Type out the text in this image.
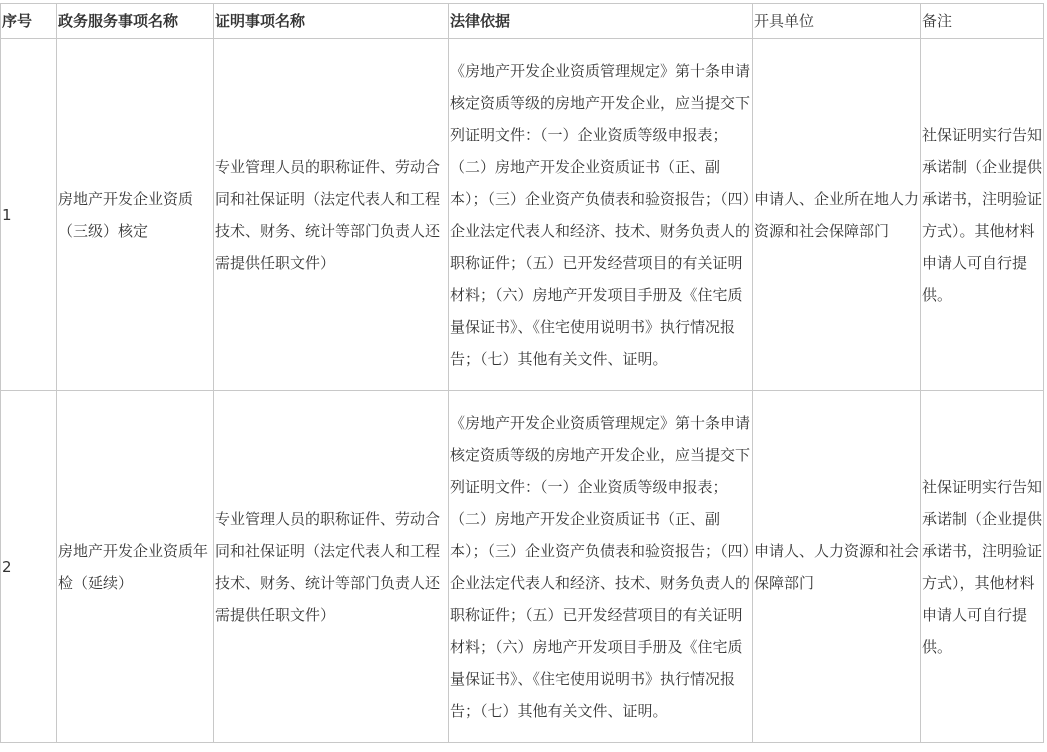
序号	政务服务事项名称	证明事项名称	法律依据	开具单位	备注
1	房地产开发企业资质（三级）核定	专业管理人员的职称证件、劳动合同和社保证明（法定代表人和工程技术、财务、统计等部门负责人还需提供任职文件）	《房地产开发企业资质管理规定》第十条申请核定资质等级的房地产开发企业，应当提交下列证明文件：（一）企业资质等级申报表；（二）房地产开发企业资质证书（正、副本）；（三）企业资产负债表和验资报告；（四）企业法定代表人和经济、技术、财务负责人的职称证件；（五）已开发经营项目的有关证明材料；（六）房地产开发项目手册及《住宅质量保证书》、《住宅使用说明书》执行情况报告；（七）其他有关文件、证明。	申请人、企业所在地人力资源和社会保障部门	社保证明实行告知承诺制（企业提供承诺书，注明验证方式）。其他材料申请人可自行提供。
2	房地产开发企业资质年检（延续）	专业管理人员的职称证件、劳动合同和社保证明（法定代表人和工程技术、财务、统计等部门负责人还需提供任职文件）	《房地产开发企业资质管理规定》第十条申请核定资质等级的房地产开发企业，应当提交下列证明文件：（一）企业资质等级申报表；（二）房地产开发企业资质证书（正、副本）；（三）企业资产负债表和验资报告；（四）企业法定代表人和经济、技术、财务负责人的职称证件；（五）已开发经营项目的有关证明材料；（六）房地产开发项目手册及《住宅质量保证书》、《住宅使用说明书》执行情况报告；（七）其他有关文件、证明。	申请人、人力资源和社会保障部门	社保证明实行告知承诺制（企业提供承诺书，注明验证方式），其他材料申请人可自行提供。
